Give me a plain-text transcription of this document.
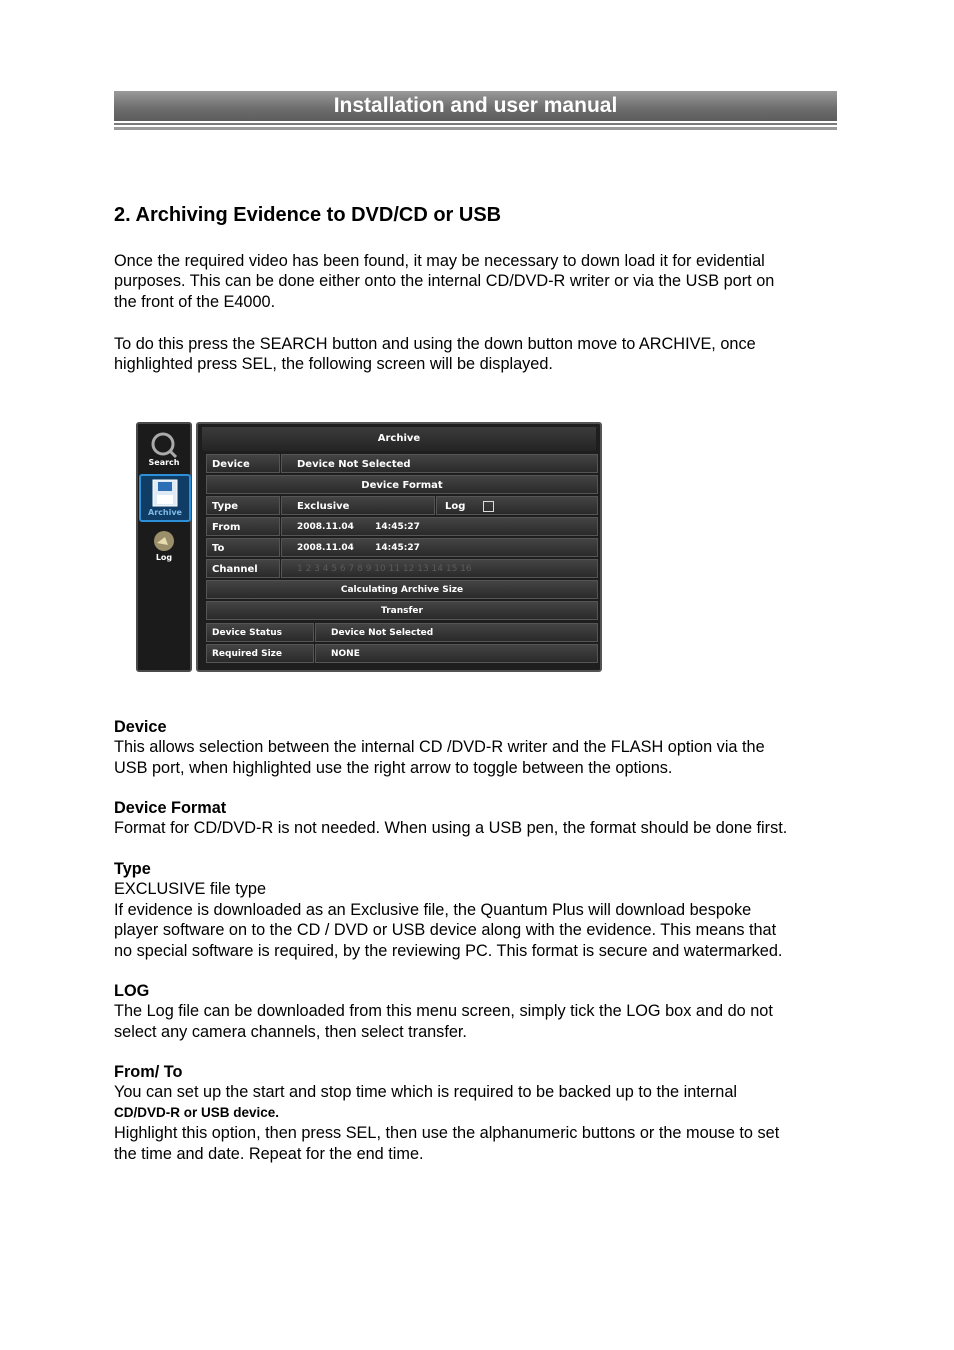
Installation and user manual
2. Archiving Evidence to DVD/CD or USB
Once the required video has been found, it may be necessary to down load it for evidential
purposes. This can be done either onto the internal CD/DVD-R writer or via the USB port on
the front of the E4000.
To do this press the SEARCH button and using the down button move to ARCHIVE, once
highlighted press SEL, the following screen will be displayed.
Search
Archive
Log
Archive
Device	Device Not Selected
Device Format
Type	Exclusive	Log
From	2008.11.04 14:45:27
To	2008.11.04 14:45:27
Channel	1 2 3 4 5 6 7 8 9 10 11 12 13 14 15 16
Calculating Archive Size
Transfer
Device Status	Device Not Selected
Required Size	NONE
Device
This allows selection between the internal CD /DVD-R writer and the FLASH option via the
USB port, when highlighted use the right arrow to toggle between the options.
Device Format
Format for CD/DVD-R is not needed. When using a USB pen, the format should be done first.
Type
EXCLUSIVE file type
If evidence is downloaded as an Exclusive file, the Quantum Plus will download bespoke
player software on to the CD / DVD or USB device along with the evidence. This means that
no special software is required, by the reviewing PC. This format is secure and watermarked.
LOG
The Log file can be downloaded from this menu screen, simply tick the LOG box and do not
select any camera channels, then select transfer.
From/ To
You can set up the start and stop time which is required to be backed up to the internal
CD/DVD-R or USB device.
Highlight this option, then press SEL, then use the alphanumeric buttons or the mouse to set
the time and date. Repeat for the end time.
